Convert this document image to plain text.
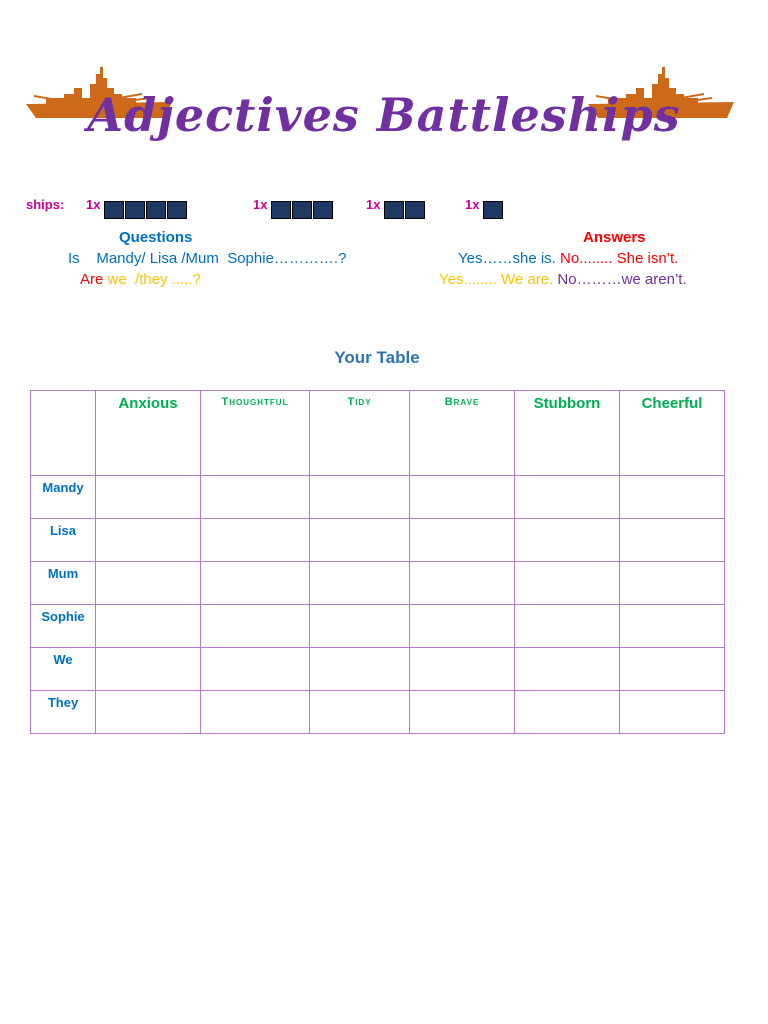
Adjectives Battleships
ships: 1x	1x	1x	1x
Questions	Answers
Is    Mandy/ Lisa /Mum  Sophie………….?
Are we  /they .....?
Yes……she is. No........ She isn’t.
Yes........ We are. No………we aren’t.
Your Table
	Anxious	Thoughtful	Tidy	Brave	Stubborn	Cheerful
Mandy						
Lisa						
Mum						
Sophie						
We						
They						
